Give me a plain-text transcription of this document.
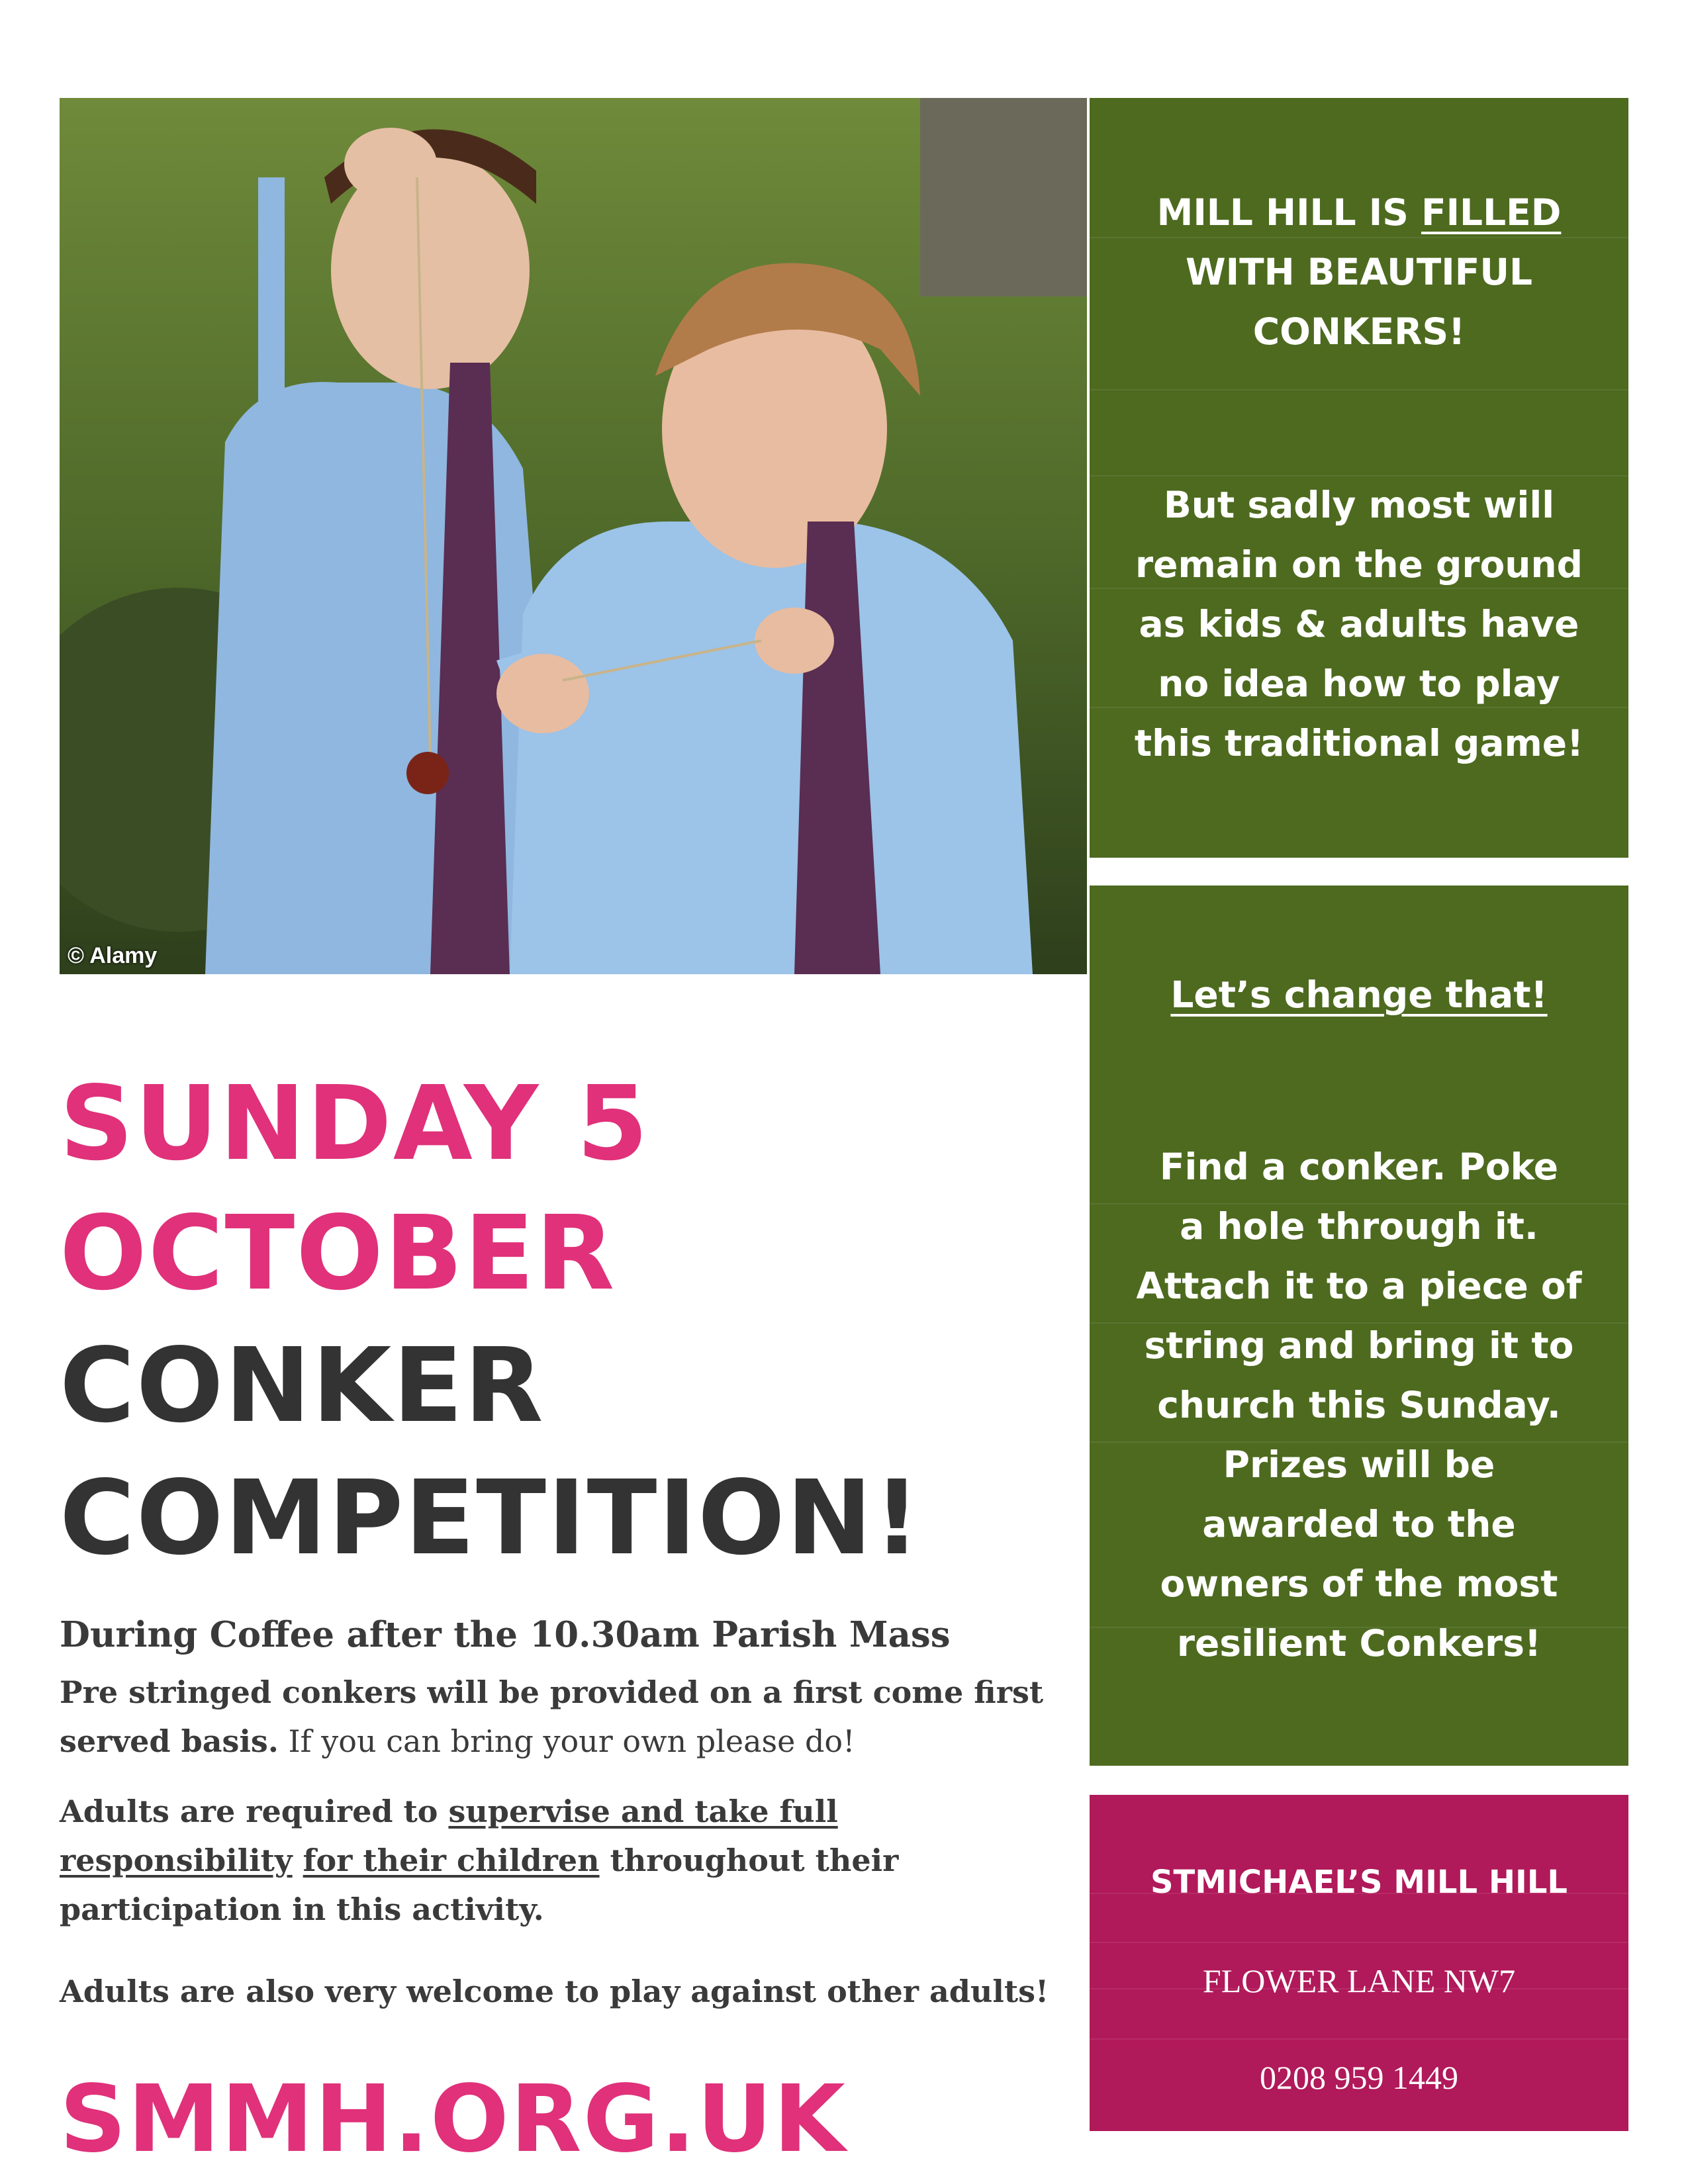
© Alamy
MILL HILL IS FILLED
WITH BEAUTIFUL
CONKERS!
But sadly most will
remain on the ground
as kids & adults have
no idea how to play
this traditional game!
Let’s change that!
Find a conker. Poke
a hole through it.
Attach it to a piece of
string and bring it to
church this Sunday.
Prizes will be
awarded to the
owners of the most
resilient Conkers!
STMICHAEL’S MILL HILL
FLOWER LANE NW7
0208 959 1449
SUNDAY 5
OCTOBER
CONKER
COMPETITION!
During Coffee after the 10.30am Parish Mass
Pre stringed conkers will be provided on a first come first served basis. If you can bring your own please do!
Adults are required to supervise and take full responsibility for their children throughout their participation in this activity.
Adults are also very welcome to play against other adults!
SMMH.ORG.UK
